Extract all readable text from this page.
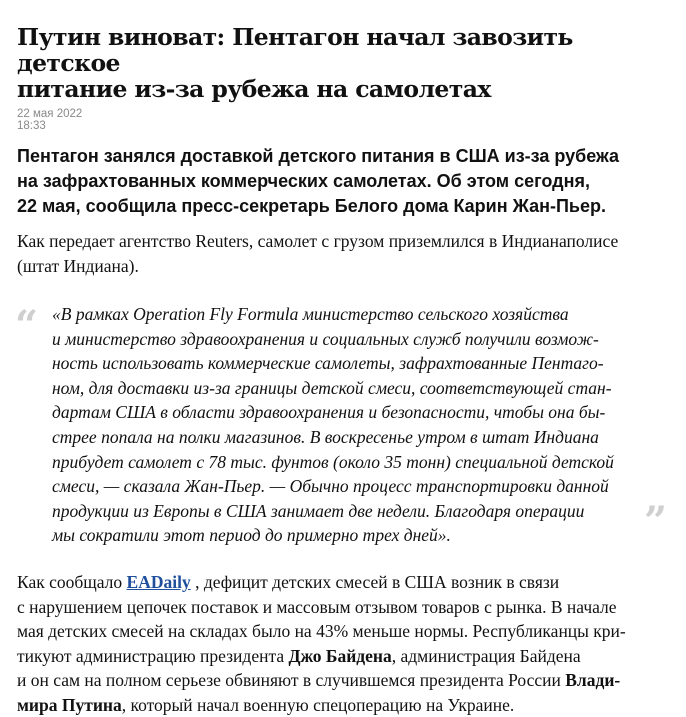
Путин виноват: Пентагон начал завозить детское
питание из-за рубежа на самолетах
22 мая 2022
18:33
Пентагон занялся доставкой детского питания в США из-за рубежа
на зафрахтованных коммерческих самолетах. Об этом сегодня,
22 мая, сообщила пресс-секретарь Белого дома Карин Жан-Пьер.

Как передает агентство Reuters, самолет с грузом приземлился в Индианаполисе
(штат Индиана).

“ «В рамках Operation Fly Formula министерство сельского хозяйства
и министерство здравоохранения и социальных служб получили возмож-
ность использовать коммерческие самолеты, зафрахтованные Пентаго-
ном, для доставки из-за границы детской смеси, соответствующей стан-
дартам США в области здравоохранения и безопасности, чтобы она бы-
стрее попала на полки магазинов. В воскресенье утром в штат Индиана
прибудет самолет с 78 тыс. фунтов (около 35 тонн) специальной детской
смеси, — сказала Жан-Пьер. — Обычно процесс транспортировки данной
продукции из Европы в США занимает две недели. Благодаря операции
мы сократили этот период до примерно трех дней».	”

Как сообщало EADaily , дефицит детских смесей в США возник в связи
с нарушением цепочек поставок и массовым отзывом товаров с рынка. В начале
мая детских смесей на складах было на 43% меньше нормы. Республиканцы кри-
тикуют администрацию президента Джо Байдена, администрация Байдена
и он сам на полном серьезе обвиняют в случившемся президента России Влади-
мира Путина, который начал военную спецоперацию на Украине.
